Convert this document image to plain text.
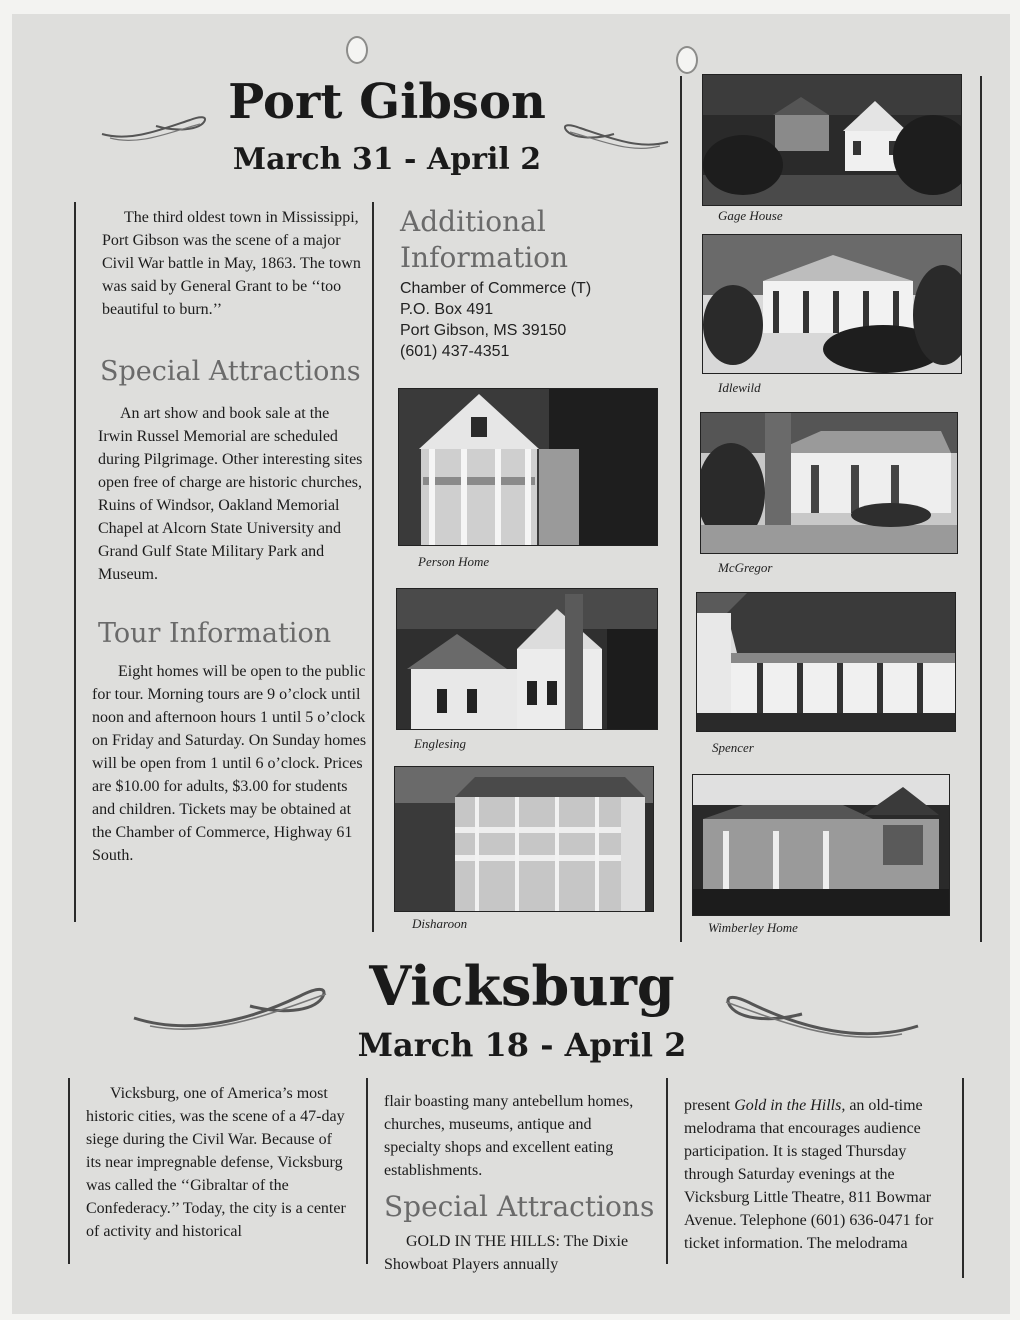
Port Gibson
March 31 - April 2

The third oldest town in Mississippi, Port Gibson was the scene of a major Civil War battle in May, 1863. The town was said by General Grant to be ‘‘too beautiful to burn.’’

Special Attractions

An art show and book sale at the Irwin Russel Memorial are scheduled during Pilgrimage. Other interesting sites open free of charge are historic churches, Ruins of Windsor, Oakland Memorial Chapel at Alcorn State University and Grand Gulf State Military Park and Museum.

Tour Information

Eight homes will be open to the public for tour. Morning tours are 9 o’clock until noon and afternoon hours 1 until 5 o’clock on Friday and Saturday. On Sunday homes will be open from 1 until 6 o’clock. Prices are $10.00 for adults, $3.00 for students and children. Tickets may be obtained at the Chamber of Commerce, Highway 61 South.

Additional
Information
Chamber of Commerce (T)
P.O. Box 491
Port Gibson, MS 39150
(601) 437-4351
Person Home
Englesing
Disharoon
Gage House
Idlewild
McGregor
Spencer
Wimberley Home
Vicksburg
March 18 - April 2

Vicksburg, one of America’s most historic cities, was the scene of a 47-day siege during the Civil War. Because of its near impregnable defense, Vicksburg was called the ‘‘Gibraltar of the Confederacy.’’ Today, the city is a center of activity and historical

flair boasting many antebellum homes, churches, museums, antique and specialty shops and excellent eating establishments.

Special Attractions

GOLD IN THE HILLS: The Dixie Showboat Players annually

present Gold in the Hills, an old-time melodrama that encourages audience participation. It is staged Thursday through Saturday evenings at the Vicksburg Little Theatre, 811 Bowmar Avenue. Telephone (601) 636-0471 for ticket information. The melodrama
